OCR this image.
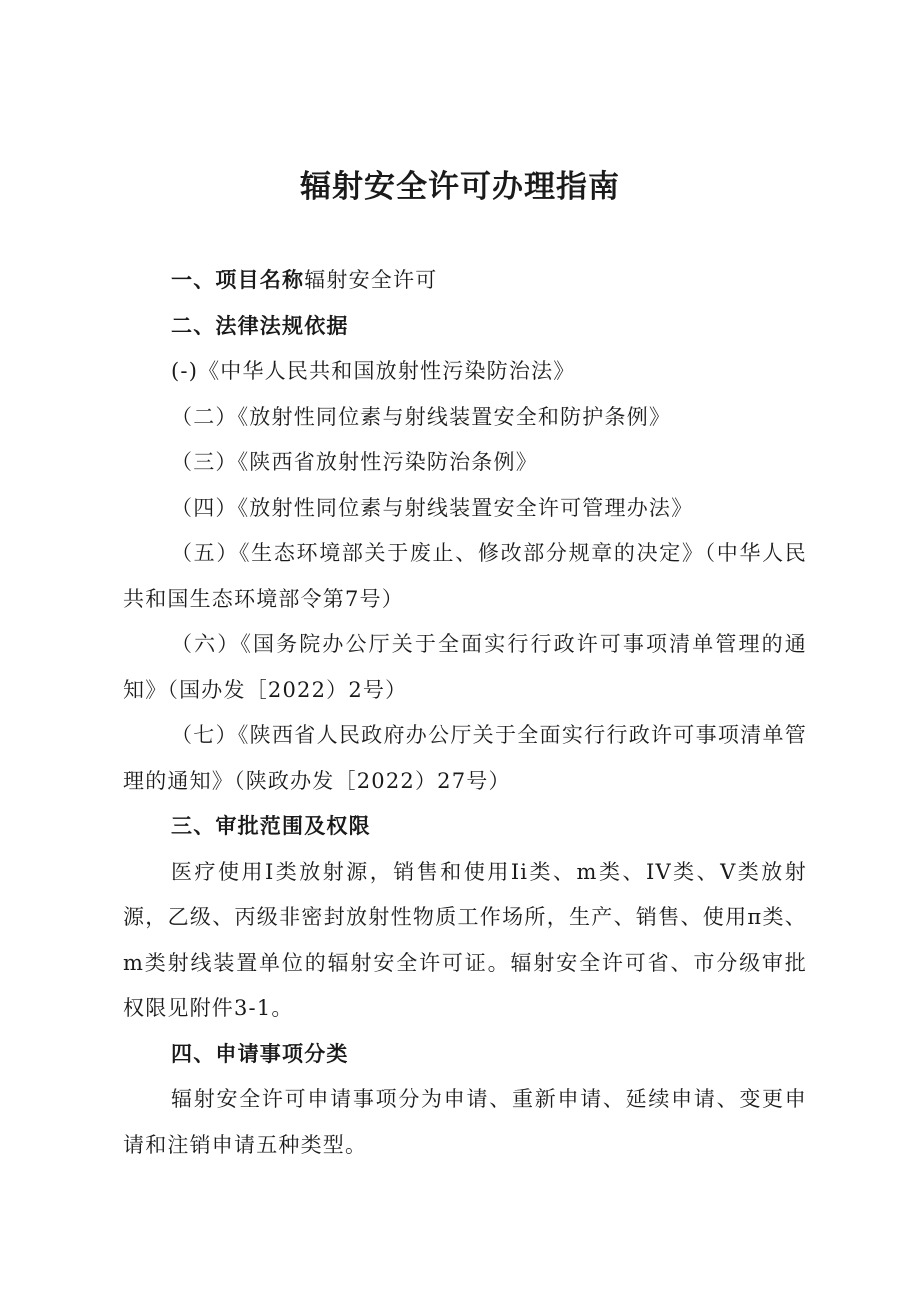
辐射安全许可办理指南

一、项目名称辐射安全许可

二、法律法规依据

(-)《中华人民共和国放射性污染防治法》

（二）《放射性同位素与射线装置安全和防护条例》

（三）《陕西省放射性污染防治条例》

（四）《放射性同位素与射线装置安全许可管理办法》

（五）《生态环境部关于废止、修改部分规章的决定》（中华人民共和国生态环境部令第7号）

（六）《国务院办公厅关于全面实行行政许可事项清单管理的通知》（国办发［2022）2号）

（七）《陕西省人民政府办公厅关于全面实行行政许可事项清单管理的通知》（陕政办发［2022）27号）

三、审批范围及权限

医疗使用I类放射源，销售和使用Ii类、m类、IV类、V类放射源，乙级、丙级非密封放射性物质工作场所，生产、销售、使用π类、m类射线装置单位的辐射安全许可证。辐射安全许可省、市分级审批权限见附件3-1。

四、申请事项分类

辐射安全许可申请事项分为申请、重新申请、延续申请、变更申请和注销申请五种类型。
